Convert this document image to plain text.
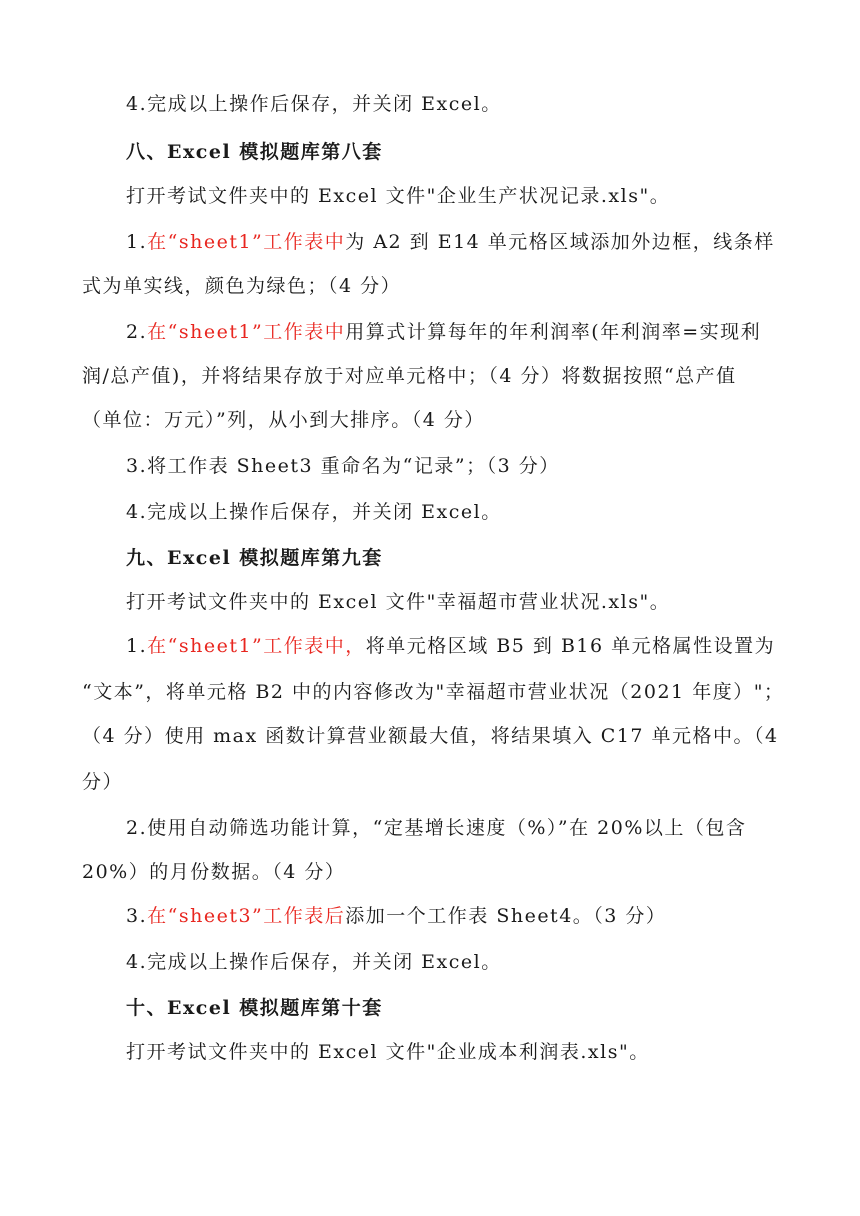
4.完成以上操作后保存，并关闭 Excel。
八、Excel 模拟题库第八套
打开考试文件夹中的 Excel 文件"企业生产状况记录.xls"。
1.在“sheet1”工作表中为 A2 到 E14 单元格区域添加外边框，线条样
式为单实线，颜色为绿色；（4 分）
2.在“sheet1”工作表中用算式计算每年的年利润率(年利润率=实现利
润/总产值)，并将结果存放于对应单元格中；（4 分）将数据按照“总产值
（单位：万元）”列，从小到大排序。（4 分）
3.将工作表 Sheet3 重命名为“记录”；（3 分）
4.完成以上操作后保存，并关闭 Excel。
九、Excel 模拟题库第九套
打开考试文件夹中的 Excel 文件"幸福超市营业状况.xls"。
1.在“sheet1”工作表中，将单元格区域 B5 到 B16 单元格属性设置为
“文本”，将单元格 B2 中的内容修改为"幸福超市营业状况（2021 年度）"；
（4 分）使用 max 函数计算营业额最大值，将结果填入 C17 单元格中。（4
分）
2.使用自动筛选功能计算，“定基增长速度（%）”在 20%以上（包含
20%）的月份数据。（4 分）
3.在“sheet3”工作表后添加一个工作表 Sheet4。（3 分）
4.完成以上操作后保存，并关闭 Excel。
十、Excel 模拟题库第十套
打开考试文件夹中的 Excel 文件"企业成本利润表.xls"。
